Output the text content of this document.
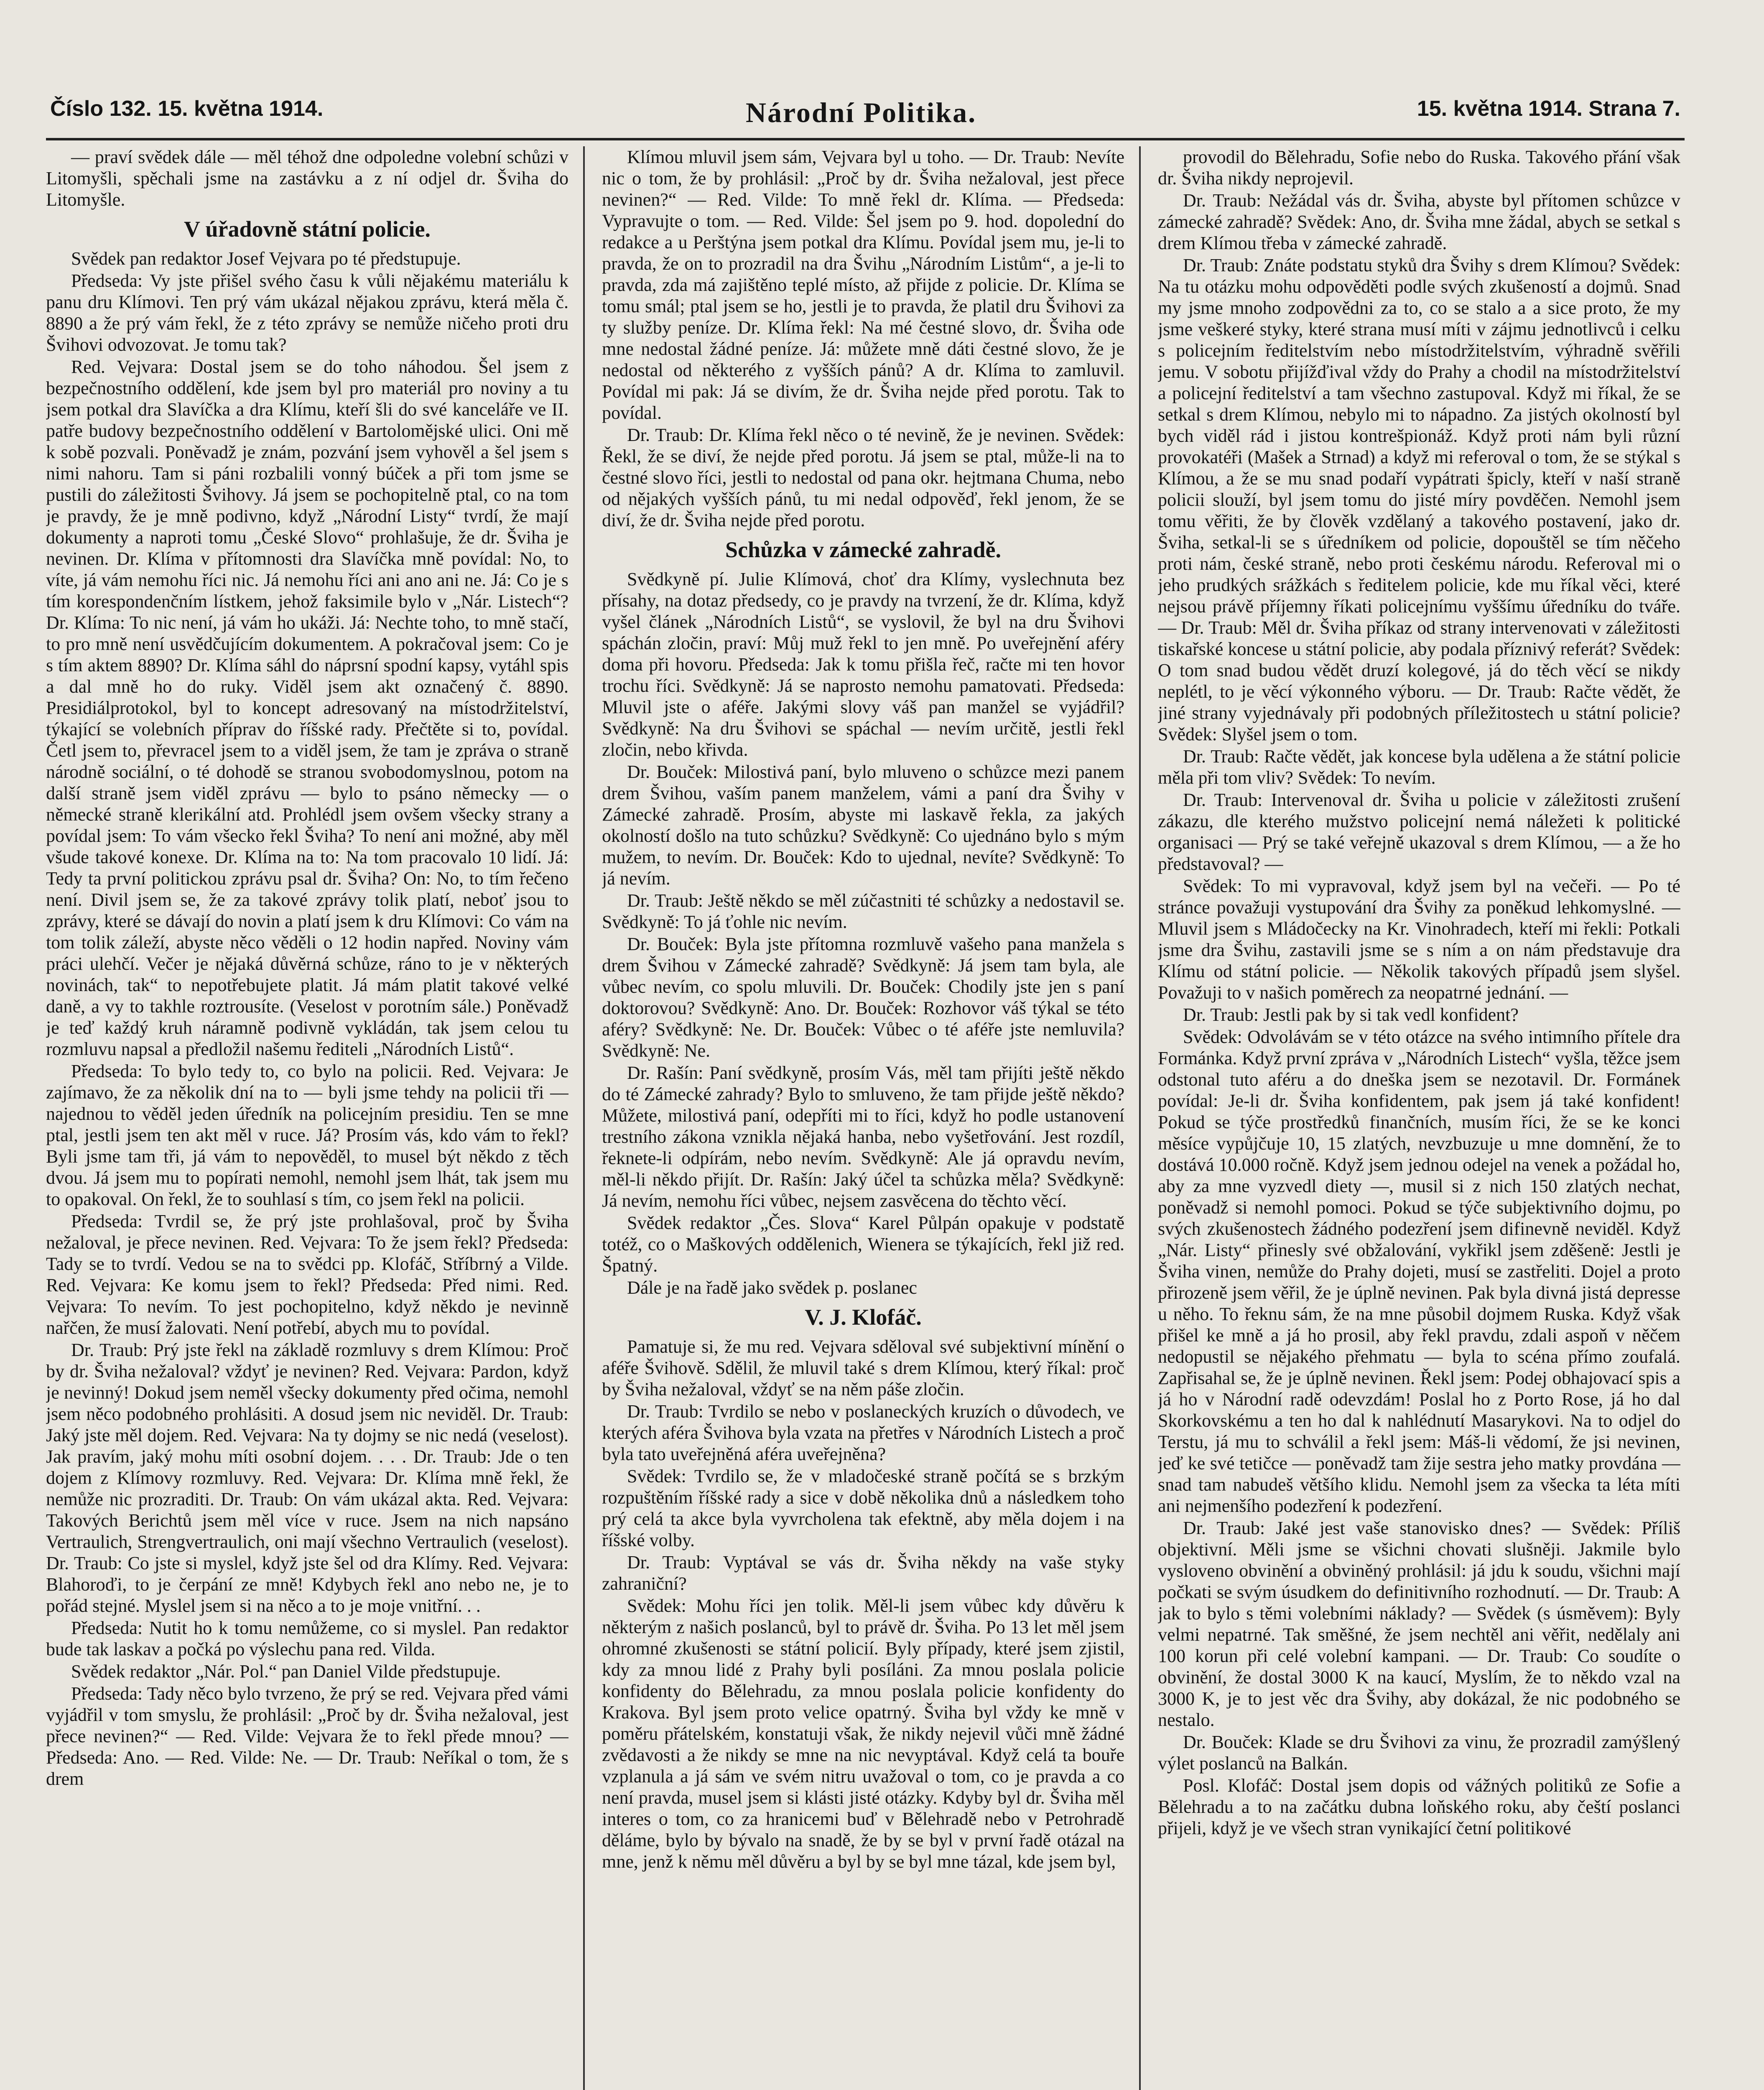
Číslo 132. 15. května 1914.	Národní Politika.	15. května 1914. Strana 7.

— praví svědek dále — měl téhož dne odpoledne volební schůzi v Litomyšli, spěchali jsme na zastávku a z ní odjel dr. Šviha do Litomyšle.

V úřadovně státní policie.

Svědek pan redaktor Josef Vejvara po té předstupuje.

Předseda: Vy jste přišel svého času k vůli nějakému materiálu k panu dru Klímovi. Ten prý vám ukázal nějakou zprávu, která měla č. 8890 a že prý vám řekl, že z této zprávy se nemůže ničeho proti dru Švihovi odvozovat. Je tomu tak?

Red. Vejvara: Dostal jsem se do toho náhodou. Šel jsem z bezpečnostního oddělení, kde jsem byl pro materiál pro noviny a tu jsem potkal dra Slavíčka a dra Klímu, kteří šli do své kanceláře ve II. patře budovy bezpečnostního oddělení v Bartolomějské ulici. Oni mě k sobě pozvali. Poněvadž je znám, pozvání jsem vyhověl a šel jsem s nimi nahoru. Tam si páni rozbalili vonný búček a při tom jsme se pustili do záležitosti Švihovy. Já jsem se pochopitelně ptal, co na tom je pravdy, že je mně podivno, když „Národní Listy“ tvrdí, že mají dokumenty a naproti tomu „České Slovo“ prohlašuje, že dr. Šviha je nevinen. Dr. Klíma v přítomnosti dra Slavíčka mně povídal: No, to víte, já vám nemohu říci nic. Já nemohu říci ani ano ani ne. Já: Co je s tím korespondenčním lístkem, jehož faksimile bylo v „Nár. Listech“? Dr. Klíma: To nic není, já vám ho ukáži. Já: Nechte toho, to mně stačí, to pro mně není usvědčujícím dokumentem. A pokračoval jsem: Co je s tím aktem 8890? Dr. Klíma sáhl do náprsní spodní kapsy, vytáhl spis a dal mně ho do ruky. Viděl jsem akt označený č. 8890. Presidiálprotokol, byl to koncept adresovaný na místodržitelství, týkající se volebních příprav do říšské rady. Přečtěte si to, povídal. Četl jsem to, převracel jsem to a viděl jsem, že tam je zpráva o straně národně sociální, o té dohodě se stranou svobodomyslnou, potom na další straně jsem viděl zprávu — bylo to psáno německy — o německé straně klerikální atd. Prohlédl jsem ovšem všecky strany a povídal jsem: To vám všecko řekl Šviha? To není ani možné, aby měl všude takové konexe. Dr. Klíma na to: Na tom pracovalo 10 lidí. Já: Tedy ta první politickou zprávu psal dr. Šviha? On: No, to tím řečeno není. Divil jsem se, že za takové zprávy tolik platí, neboť jsou to zprávy, které se dávají do novin a platí jsem k dru Klímovi: Co vám na tom tolik záleží, abyste něco věděli o 12 hodin napřed. Noviny vám práci ulehčí. Večer je nějaká důvěrná schůze, ráno to je v některých novinách, tak“ to nepotřebujete platit. Já mám platit takové velké daně, a vy to takhle roztrousíte. (Veselost v porotním sále.) Poněvadž je teď každý kruh náramně podivně vykládán, tak jsem celou tu rozmluvu napsal a předložil našemu řediteli „Národních Listů“.

Předseda: To bylo tedy to, co bylo na policii. Red. Vejvara: Je zajímavo, že za několik dní na to — byli jsme tehdy na policii tři — najednou to věděl jeden úředník na policejním presidiu. Ten se mne ptal, jestli jsem ten akt měl v ruce. Já? Prosím vás, kdo vám to řekl? Byli jsme tam tři, já vám to nepověděl, to musel být někdo z těch dvou. Já jsem mu to popírati nemohl, nemohl jsem lhát, tak jsem mu to opakoval. On řekl, že to souhlasí s tím, co jsem řekl na policii.

Předseda: Tvrdil se, že prý jste prohlašoval, proč by Šviha nežaloval, je přece nevinen. Red. Vejvara: To že jsem řekl? Předseda: Tady se to tvrdí. Vedou se na to svědci pp. Klofáč, Stříbrný a Vilde. Red. Vejvara: Ke komu jsem to řekl? Předseda: Před nimi. Red. Vejvara: To nevím. To jest pochopitelno, když někdo je nevinně nařčen, že musí žalovati. Není potřebí, abych mu to povídal.

Dr. Traub: Prý jste řekl na základě rozmluvy s drem Klímou: Proč by dr. Šviha nežaloval? vždyť je nevinen? Red. Vejvara: Pardon, když je nevinný! Dokud jsem neměl všecky dokumenty před očima, nemohl jsem něco podobného prohlásiti. A dosud jsem nic neviděl. Dr. Traub: Jaký jste měl dojem. Red. Vejvara: Na ty dojmy se nic nedá (veselost). Jak pravím, jaký mohu míti osobní dojem. . . . Dr. Traub: Jde o ten dojem z Klímovy rozmluvy. Red. Vejvara: Dr. Klíma mně řekl, že nemůže nic prozraditi. Dr. Traub: On vám ukázal akta. Red. Vejvara: Takových Berichtů jsem měl více v ruce. Jsem na nich napsáno Vertraulich, Strengvertraulich, oni mají všechno Vertraulich (veselost). Dr. Traub: Co jste si myslel, když jste šel od dra Klímy. Red. Vejvara: Blahoroďi, to je čerpání ze mně! Kdybych řekl ano nebo ne, je to pořád stejné. Myslel jsem si na něco a to je moje vnitřní. . .

Předseda: Nutit ho k tomu nemůžeme, co si myslel. Pan redaktor bude tak laskav a počká po výslechu pana red. Vilda.

Svědek redaktor „Nár. Pol.“ pan Daniel Vilde předstupuje.

Předseda: Tady něco bylo tvrzeno, že prý se red. Vejvara před vámi vyjádřil v tom smyslu, že prohlásil: „Proč by dr. Šviha nežaloval, jest přece nevinen?“ — Red. Vilde: Vejvara že to řekl přede mnou? — Předseda: Ano. — Red. Vilde: Ne. — Dr. Traub: Neříkal o tom, že s drem

Klímou mluvil jsem sám, Vejvara byl u toho. — Dr. Traub: Nevíte nic o tom, že by prohlásil: „Proč by dr. Šviha nežaloval, jest přece nevinen?“ — Red. Vilde: To mně řekl dr. Klíma. — Předseda: Vypravujte o tom. — Red. Vilde: Šel jsem po 9. hod. dopolední do redakce a u Perštýna jsem potkal dra Klímu. Povídal jsem mu, je-li to pravda, že on to prozradil na dra Švihu „Národním Listům“, a je-li to pravda, zda má zajištěno teplé místo, až přijde z policie. Dr. Klíma se tomu smál; ptal jsem se ho, jestli je to pravda, že platil dru Švihovi za ty služby peníze. Dr. Klíma řekl: Na mé čestné slovo, dr. Šviha ode mne nedostal žádné peníze. Já: můžete mně dáti čestné slovo, že je nedostal od některého z vyšších pánů? A dr. Klíma to zamluvil. Povídal mi pak: Já se divím, že dr. Šviha nejde před porotu. Tak to povídal.

Dr. Traub: Dr. Klíma řekl něco o té nevině, že je nevinen. Svědek: Řekl, že se diví, že nejde před porotu. Já jsem se ptal, může-li na to čestné slovo říci, jestli to nedostal od pana okr. hejtmana Chuma, nebo od nějakých vyšších pánů, tu mi nedal odpověď, řekl jenom, že se diví, že dr. Šviha nejde před porotu.

Schůzka v zámecké zahradě.

Svědkyně pí. Julie Klímová, choť dra Klímy, vyslechnuta bez přísahy, na dotaz předsedy, co je pravdy na tvrzení, že dr. Klíma, když vyšel článek „Národních Listů“, se vyslovil, že byl na dru Švihovi spáchán zločin, praví: Můj muž řekl to jen mně. Po uveřejnění aféry doma při hovoru. Předseda: Jak k tomu přišla řeč, račte mi ten hovor trochu říci. Svědkyně: Já se naprosto nemohu pamatovati. Předseda: Mluvil jste o aféře. Jakými slovy váš pan manžel se vyjádřil? Svědkyně: Na dru Švihovi se spáchal — nevím určitě, jestli řekl zločin, nebo křivda.

Dr. Bouček: Milostivá paní, bylo mluveno o schůzce mezi panem drem Švihou, vaším panem manželem, vámi a paní dra Švihy v Zámecké zahradě. Prosím, abyste mi laskavě řekla, za jakých okolností došlo na tuto schůzku? Svědkyně: Co ujednáno bylo s mým mužem, to nevím. Dr. Bouček: Kdo to ujednal, nevíte? Svědkyně: To já nevím.

Dr. Traub: Ještě někdo se měl zúčastniti té schůzky a nedostavil se. Svědkyně: To já ťohle nic nevím.

Dr. Bouček: Byla jste přítomna rozmluvě vašeho pana manžela s drem Švihou v Zámecké zahradě? Svědkyně: Já jsem tam byla, ale vůbec nevím, co spolu mluvili. Dr. Bouček: Chodily jste jen s paní doktorovou? Svědkyně: Ano. Dr. Bouček: Rozhovor váš týkal se této aféry? Svědkyně: Ne. Dr. Bouček: Vůbec o té aféře jste nemluvila? Svědkyně: Ne.

Dr. Rašín: Paní svědkyně, prosím Vás, měl tam přijíti ještě někdo do té Zámecké zahrady? Bylo to smluveno, že tam přijde ještě někdo? Můžete, milostivá paní, odepříti mi to říci, když ho podle ustanovení trestního zákona vznikla nějaká hanba, nebo vyšetřování. Jest rozdíl, řeknete-li odpírám, nebo nevím. Svědkyně: Ale já opravdu nevím, měl-li někdo přijít. Dr. Rašín: Jaký účel ta schůzka měla? Svědkyně: Já nevím, nemohu říci vůbec, nejsem zasvěcena do těchto věcí.

Svědek redaktor „Čes. Slova“ Karel Půlpán opakuje v podstatě totéž, co o Maškových oddělenich, Wienera se týkajících, řekl již red. Špatný.

Dále je na řadě jako svědek p. poslanec

V. J. Klofáč.

Pamatuje si, že mu red. Vejvara sděloval své subjektivní mínění o aféře Švihově. Sdělil, že mluvil také s drem Klímou, který říkal: proč by Šviha nežaloval, vždyť se na něm páše zločin.

Dr. Traub: Tvrdilo se nebo v poslaneckých kruzích o důvodech, ve kterých aféra Švihova byla vzata na přetřes v Národních Listech a proč byla tato uveřejněná aféra uveřejněna?

Svědek: Tvrdilo se, že v mladočeské straně počítá se s brzkým rozpuštěním říšské rady a sice v době několika dnů a následkem toho prý celá ta akce byla vyvrcholena tak efektně, aby měla dojem i na říšské volby.

Dr. Traub: Vyptával se vás dr. Šviha někdy na vaše styky zahraniční?

Svědek: Mohu říci jen tolik. Měl-li jsem vůbec kdy důvěru k některým z našich poslanců, byl to právě dr. Šviha. Po 13 let měl jsem ohromné zkušenosti se státní policií. Byly případy, které jsem zjistil, kdy za mnou lidé z Prahy byli posíláni. Za mnou poslala policie konfidenty do Bělehradu, za mnou poslala policie konfidenty do Krakova. Byl jsem proto velice opatrný. Šviha byl vždy ke mně v poměru přátelském, konstatuji však, že nikdy nejevil vůči mně žádné zvědavosti a že nikdy se mne na nic nevyptával. Když celá ta bouře vzplanula a já sám ve svém nitru uvažoval o tom, co je pravda a co není pravda, musel jsem si klásti jisté otázky. Kdyby byl dr. Šviha měl interes o tom, co za hranicemi buď v Bělehradě nebo v Petrohradě děláme, bylo by bývalo na snadě, že by se byl v první řadě otázal na mne, jenž k němu měl důvěru a byl by se byl mne tázal, kde jsem byl,

provodil do Bělehradu, Sofie nebo do Ruska. Takového přání však dr. Šviha nikdy neprojevil.

Dr. Traub: Nežádal vás dr. Šviha, abyste byl přítomen schůzce v zámecké zahradě? Svědek: Ano, dr. Šviha mne žádal, abych se setkal s drem Klímou třeba v zámecké zahradě.

Dr. Traub: Znáte podstatu styků dra Švihy s drem Klímou? Svědek: Na tu otázku mohu odpověděti podle svých zkušeností a dojmů. Snad my jsme mnoho zodpovědni za to, co se stalo a a sice proto, že my jsme veškeré styky, které strana musí míti v zájmu jednotlivců i celku s policejním ředitelstvím nebo místodržitelstvím, výhradně svěřili jemu. V sobotu přijížďival vždy do Prahy a chodil na místodržitelství a policejní ředitelství a tam všechno zastupoval. Když mi říkal, že se setkal s drem Klímou, nebylo mi to nápadno. Za jistých okolností byl bych viděl rád i jistou kontrešpionáž. Když proti nám byli různí provokatéři (Mašek a Strnad) a když mi referoval o tom, že se stýkal s Klímou, a že se mu snad podaří vypátrati špicly, kteří v naší straně policii slouží, byl jsem tomu do jisté míry povděčen. Nemohl jsem tomu věřiti, že by člověk vzdělaný a takového postavení, jako dr. Šviha, setkal-li se s úředníkem od policie, dopouštěl se tím něčeho proti nám, české straně, nebo proti českému národu. Referoval mi o jeho prudkých srážkách s ředitelem policie, kde mu říkal věci, které nejsou právě příjemny říkati policejnímu vyššímu úředníku do tváře. — Dr. Traub: Měl dr. Šviha příkaz od strany intervenovati v záležitosti tiskařské koncese u státní policie, aby podala příznivý referát? Svědek: O tom snad budou vědět druzí kolegové, já do těch věcí se nikdy neplétl, to je věcí výkonného výboru. — Dr. Traub: Račte vědět, že jiné strany vyjednávaly při podobných příležitostech u státní policie? Svědek: Slyšel jsem o tom.

Dr. Traub: Račte vědět, jak koncese byla udělena a že státní policie měla při tom vliv? Svědek: To nevím.

Dr. Traub: Intervenoval dr. Šviha u policie v záležitosti zrušení zákazu, dle kterého mužstvo policejní nemá náležeti k politické organisaci — Prý se také veřejně ukazoval s drem Klímou, — a že ho představoval? —

Svědek: To mi vypravoval, když jsem byl na večeři. — Po té stránce považuji vystupování dra Švihy za poněkud lehkomyslné. — Mluvil jsem s Mládočecky na Kr. Vinohradech, kteří mi řekli: Potkali jsme dra Švihu, zastavili jsme se s ním a on nám představuje dra Klímu od státní policie. — Několik takových případů jsem slyšel. Považuji to v našich poměrech za neopatrné jednání. —

Dr. Traub: Jestli pak by si tak vedl konfident?

Svědek: Odvolávám se v této otázce na svého intimního přítele dra Formánka. Když první zpráva v „Národních Listech“ vyšla, těžce jsem odstonal tuto aféru a do dneška jsem se nezotavil. Dr. Formánek povídal: Je-li dr. Šviha konfidentem, pak jsem já také konfident! Pokud se týče prostředků finančních, musím říci, že se ke konci měsíce vypůjčuje 10, 15 zlatých, nevzbuzuje u mne domnění, že to dostává 10.000 ročně. Když jsem jednou odejel na venek a požádal ho, aby za mne vyzvedl diety —, musil si z nich 150 zlatých nechat, poněvadž si nemohl pomoci. Pokud se týče subjektivního dojmu, po svých zkušenostech žádného podezření jsem difinevně neviděl. Když „Nár. Listy“ přinesly své obžalování, vykřikl jsem zděšeně: Jestli je Šviha vinen, nemůže do Prahy dojeti, musí se zastřeliti. Dojel a proto přirozeně jsem věřil, že je úplně nevinen. Pak byla divná jistá depresse u něho. To řeknu sám, že na mne působil dojmem Ruska. Když však přišel ke mně a já ho prosil, aby řekl pravdu, zdali aspoň v něčem nedopustil se nějakého přehmatu — byla to scéna přímo zoufalá. Zapřisahal se, že je úplně nevinen. Řekl jsem: Podej obhajovací spis a já ho v Národní radě odevzdám! Poslal ho z Porto Rose, já ho dal Skorkovskému a ten ho dal k nahlédnutí Masarykovi. Na to odjel do Terstu, já mu to schválil a řekl jsem: Máš-li vědomí, že jsi nevinen, jeď ke své tetičce — poněvadž tam žije sestra jeho matky provdána — snad tam nabudeš většího klidu. Nemohl jsem za všecka ta léta míti ani nejmenšího podezření k podezření.

Dr. Traub: Jaké jest vaše stanovisko dnes? — Svědek: Příliš objektivní. Měli jsme se všichni chovati slušněji. Jakmile bylo vysloveno obvinění a obviněný prohlásil: já jdu k soudu, všichni mají počkati se svým úsudkem do definitivního rozhodnutí. — Dr. Traub: A jak to bylo s těmi volebními náklady? — Svědek (s úsměvem): Byly velmi nepatrné. Tak směšné, že jsem nechtěl ani věřit, nedělaly ani 100 korun při celé volební kampani. — Dr. Traub: Co soudíte o obvinění, že dostal 3000 K na kaucí, Myslím, že to někdo vzal na 3000 K, je to jest věc dra Švihy, aby dokázal, že nic podobného se nestalo.

Dr. Bouček: Klade se dru Švihovi za vinu, že prozradil zamýšlený výlet poslanců na Balkán.

Posl. Klofáč: Dostal jsem dopis od vážných politiků ze Sofie a Bělehradu a to na začátku dubna loňského roku, aby čeští poslanci přijeli, když je ve všech stran vynikající četní politikové
